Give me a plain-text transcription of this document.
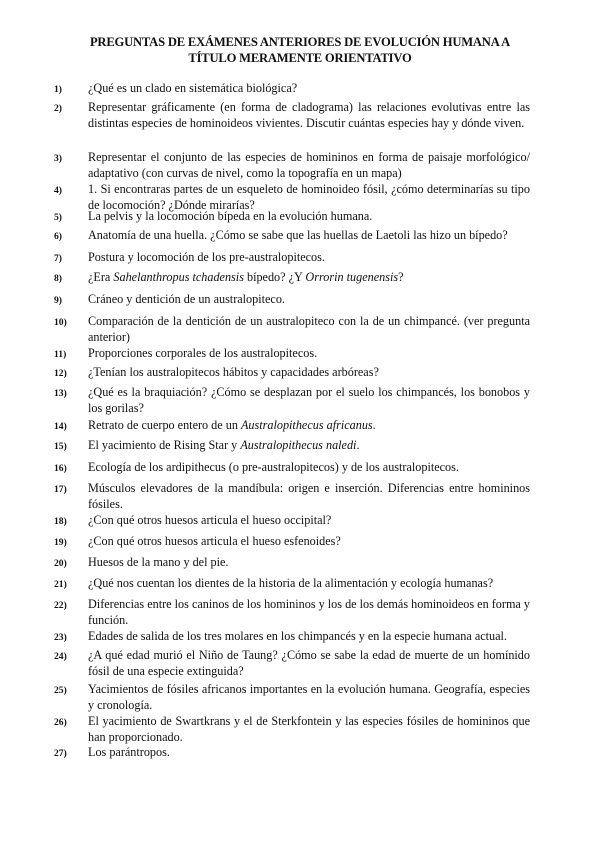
PREGUNTAS DE EXÁMENES ANTERIORES DE EVOLUCIÓN HUMANA A
TÍTULO MERAMENTE ORIENTATIVO
1)	¿Qué es un clado en sistemática biológica?
2)	Representar gráficamente (en forma de cladograma) las relaciones evolutivas entre las distintas especies de hominoideos vivientes. Discutir cuántas especies hay y dónde viven.
3)	Representar el conjunto de las especies de homininos en forma de paisaje morfológico/ adaptativo (con curvas de nivel, como la topografía en un mapa)
4)	1. Si encontraras partes de un esqueleto de hominoideo fósil, ¿cómo determinarías su tipo de locomoción? ¿Dónde mirarías?
5)	La pelvis y la locomoción bípeda en la evolución humana.
6)	Anatomía de una huella. ¿Cómo se sabe que las huellas de Laetoli las hizo un bípedo?
7)	Postura y locomoción de los pre-australopitecos.
8)	¿Era Sahelanthropus tchadensis bípedo? ¿Y Orrorin tugenensis?
9)	Cráneo y dentición de un australopiteco.
10)	Comparación de la dentición de un australopiteco con la de un chimpancé. (ver pregunta anterior)
11)	Proporciones corporales de los australopitecos.
12)	¿Tenían los australopitecos hábitos y capacidades arbóreas?
13)	¿Qué es la braquiación? ¿Cómo se desplazan por el suelo los chimpancés, los bonobos y los gorilas?
14)	Retrato de cuerpo entero de un Australopithecus africanus.
15)	El yacimiento de Rising Star y Australopithecus naledi.
16)	Ecología de los ardipithecus (o pre-australopitecos) y de los australopitecos.
17)	Músculos elevadores de la mandíbula: origen e inserción. Diferencias entre homininos fósiles.
18)	¿Con qué otros huesos articula el hueso occipital?
19)	¿Con qué otros huesos articula el hueso esfenoides?
20)	Huesos de la mano y del pie.
21)	¿Qué nos cuentan los dientes de la historia de la alimentación y ecología humanas?
22)	Diferencias entre los caninos de los homininos y los de los demás hominoideos en forma y función.
23)	Edades de salida de los tres molares en los chimpancés y en la especie humana actual.
24)	¿A qué edad murió el Niño de Taung? ¿Cómo se sabe la edad de muerte de un homínido fósil de una especie extinguida?
25)	Yacimientos de fósiles africanos importantes en la evolución humana. Geografía, especies y cronología.
26)	El yacimiento de Swartkrans y el de Sterkfontein y las especies fósiles de homininos que han proporcionado.
27)	Los parántropos.
